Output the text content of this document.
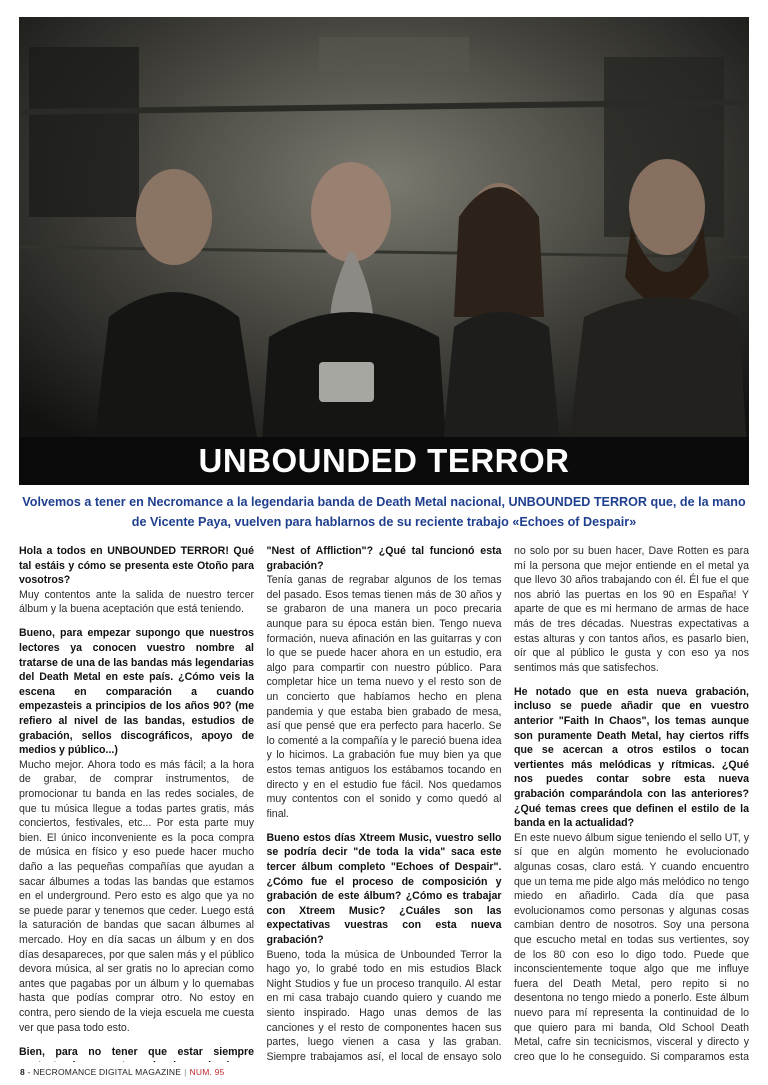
UNBOUNDED TERROR
Volvemos a tener en Necromance a la legendaria banda de Death Metal nacional, UNBOUNDED TERROR que, de la mano de Vicente Paya, vuelven para hablarnos de su reciente trabajo «Echoes of Despair»

Hola a todos en UNBOUNDED TERROR! Qué tal estáis y cómo se presenta este Otoño para vosotros?
Muy contentos ante la salida de nuestro tercer álbum y la buena aceptación que está teniendo.

Bueno, para empezar supongo que nuestros lectores ya conocen vuestro nombre al tratarse de una de las bandas más legendarias del Death Metal en este país. ¿Cómo veis la escena en comparación a cuando empezasteis a principios de los años 90? (me refiero al nivel de las bandas, estudios de grabación, sellos discográficos, apoyo de medios y público...)
Mucho mejor. Ahora todo es más fácil; a la hora de grabar, de comprar instrumentos, de promocionar tu banda en las redes sociales, de que tu música llegue a todas partes gratis, más conciertos, festivales, etc... Por esta parte muy bien. El único inconveniente es la poca compra de música en físico y eso puede hacer mucho daño a las pequeñas compañías que ayudan a sacar álbumes a todas las bandas que estamos en el underground. Pero esto es algo que ya no se puede parar y tenemos que ceder. Luego está la saturación de bandas que sacan álbumes al mercado. Hoy en día sacas un álbum y en dos días desapareces, por que salen más y el público devora música, al ser gratis no lo aprecian como antes que pagabas por un álbum y lo quemabas hasta que podías comprar otro. No estoy en contra, pero siendo de la vieja escuela me cuesta ver que pasa todo esto.

Bien, para no tener que estar siempre

"Nest of Affliction"? ¿Qué tal funcionó esta grabación?
Tenía ganas de regrabar algunos de los temas del pasado. Esos temas tienen más de 30 años y se grabaron de una manera un poco precaria aunque para su época están bien. Tengo nueva formación, nueva afinación en las guitarras y con lo que se puede hacer ahora en un estudio, era algo para compartir con nuestro público. Para completar hice un tema nuevo y el resto son de un concierto que habíamos hecho en plena pandemia y que estaba bien grabado de mesa, así que pensé que era perfecto para hacerlo. Se lo comenté a la compañía y le pareció buena idea y lo hicimos. La grabación fue muy bien ya que estos temas antiguos los estábamos tocando en directo y en el estudio fue fácil. Nos quedamos muy contentos con el sonido y como quedó al final.

Bueno estos días Xtreem Music, vuestro sello se podría decir "de toda la vida" saca este tercer álbum completo "Echoes of Despair". ¿Cómo fue el proceso de composición y grabación de este álbum? ¿Cómo es trabajar con Xtreem Music? ¿Cuáles son las expectativas vuestras con esta nueva grabación?
Bueno, toda la música de Unbounded Terror la hago yo, lo grabé todo en mis estudios Black Night Studios y fue un proceso tranquilo. Al estar en mi casa trabajo cuando quiero y cuando me siento inspirado. Hago unas demos de las canciones y el resto de componentes hacen sus partes, luego vienen a casa y las graban. Siempre trabajamos así, el local de ensayo solo

no solo por su buen hacer, Dave Rotten es para mí la persona que mejor entiende en el metal ya que llevo 30 años trabajando con él. Él fue el que nos abrió las puertas en los 90 en España! Y aparte de que es mi hermano de armas de hace más de tres décadas. Nuestras expectativas a estas alturas y con tantos años, es pasarlo bien, oír que al público le gusta y con eso ya nos sentimos más que satisfechos.

He notado que en esta nueva grabación, incluso se puede añadir que en vuestro anterior "Faith In Chaos", los temas aunque son puramente Death Metal, hay ciertos riffs que se acercan a otros estilos o tocan vertientes más melódicas y rítmicas. ¿Qué nos puedes contar sobre esta nueva grabación comparándola con las anteriores? ¿Qué temas crees que definen el estilo de la banda en la actualidad?
En este nuevo álbum sigue teniendo el sello UT, y sí que en algún momento he evolucionado algunas cosas, claro está. Y cuando encuentro que un tema me pide algo más melódico no tengo miedo en añadirlo. Cada día que pasa evolucionamos como personas y algunas cosas cambian dentro de nosotros. Soy una persona que escucho metal en todas sus vertientes, soy de los 80 con eso lo digo todo. Puede que inconscientemente toque algo que me influye fuera del Death Metal, pero repito si no desentona no tengo miedo a ponerlo. Este álbum nuevo para mí representa la continuidad de lo que quiero para mi banda, Old School Death Metal, cafre sin tecnicismos, visceral y directo y creo que lo he conseguido. Si comparamos esta

8 - NECROMANCE DIGITAL MAGAZINE | NUM. 95
